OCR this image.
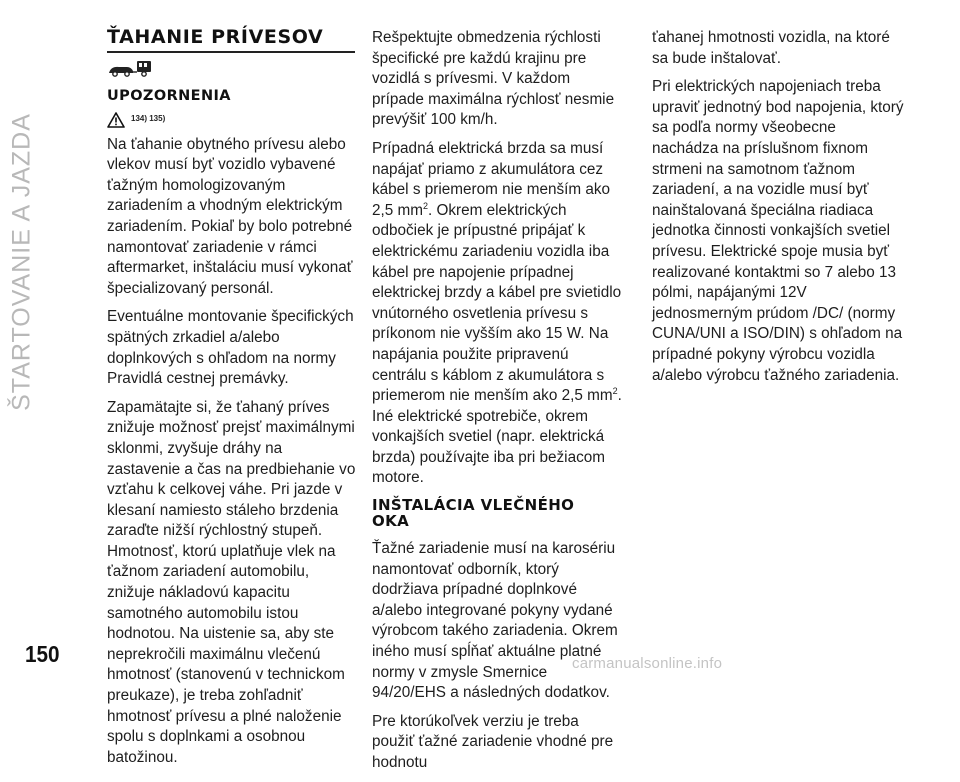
ŠTARTOVANIE A JAZDA
150	carmanualsonline.info
ŤAHANIE PRÍVESOV
UPOZORNENIA
134) 135)

Na ťahanie obytného prívesu alebo vlekov musí byť vozidlo vybavené ťažným homologizovaným zariadením a vhodným elektrickým zariadením. Pokiaľ by bolo potrebné namontovať zariadenie v rámci aftermarket, inštaláciu musí vykonať špecializovaný personál.

Eventuálne montovanie špecifických spätných zrkadiel a/alebo doplnkových s ohľadom na normy Pravidlá cestnej premávky.

Zapamätajte si, že ťahaný príves znižuje možnosť prejsť maximálnymi sklonmi, zvyšuje dráhy na zastavenie a čas na predbiehanie vo vzťahu k celkovej váhe. Pri jazde v klesaní namiesto stáleho brzdenia zaraďte nižší rýchlostný stupeň. Hmotnosť, ktorú uplatňuje vlek na ťažnom zariadení automobilu, znižuje nákladovú kapacitu samotného automobilu istou hodnotou. Na uistenie sa, aby ste neprekročili maximálnu vlečenú hmotnosť (stanovenú v technickom preukaze), je treba zohľadniť hmotnosť prívesu a plné naloženie spolu s doplnkami a osobnou batožinou.

Rešpektujte obmedzenia rýchlosti špecifické pre každú krajinu pre vozidlá s prívesmi. V každom prípade maximálna rýchlosť nesmie prevýšiť 100 km/h.

Prípadná elektrická brzda sa musí napájať priamo z akumulátora cez kábel s priemerom nie menším ako 2,5 $mm^2$. Okrem elektrických odbočiek je prípustné pripájať k elektrickému zariadeniu vozidla iba kábel pre napojenie prípadnej elektrickej brzdy a kábel pre svietidlo vnútorného osvetlenia prívesu s príkonom nie vyšším ako 15 W. Na napájania použite pripravenú centrálu s káblom z akumulátora s priemerom nie menším ako 2,5 $mm^2$. Iné elektrické spotrebiče, okrem vonkajších svetiel (napr. elektrická brzda) používajte iba pri bežiacom motore.

INŠTALÁCIA VLEČNÉHO OKA

Ťažné zariadenie musí na karosériu namontovať odborník, ktorý dodržiava prípadné doplnkové a/alebo integrované pokyny vydané výrobcom takého zariadenia. Okrem iného musí spĺňať aktuálne platné normy v zmysle Smernice 94/20/EHS a následných dodatkov.

Pre ktorúkoľvek verziu je treba použiť ťažné zariadenie vhodné pre hodnotu

ťahanej hmotnosti vozidla, na ktoré sa bude inštalovať.

Pri elektrických napojeniach treba upraviť jednotný bod napojenia, ktorý sa podľa normy všeobecne nachádza na príslušnom fixnom strmeni na samotnom ťažnom zariadení, a na vozidle musí byť nainštalovaná špeciálna riadiaca jednotka činnosti vonkajších svetiel prívesu. Elektrické spoje musia byť realizované kontaktmi so 7 alebo 13 pólmi, napájanými 12V jednosmerným prúdom /DC/ (normy CUNA/UNI a ISO/DIN) s ohľadom na prípadné pokyny výrobcu vozidla a/alebo výrobcu ťažného zariadenia.
